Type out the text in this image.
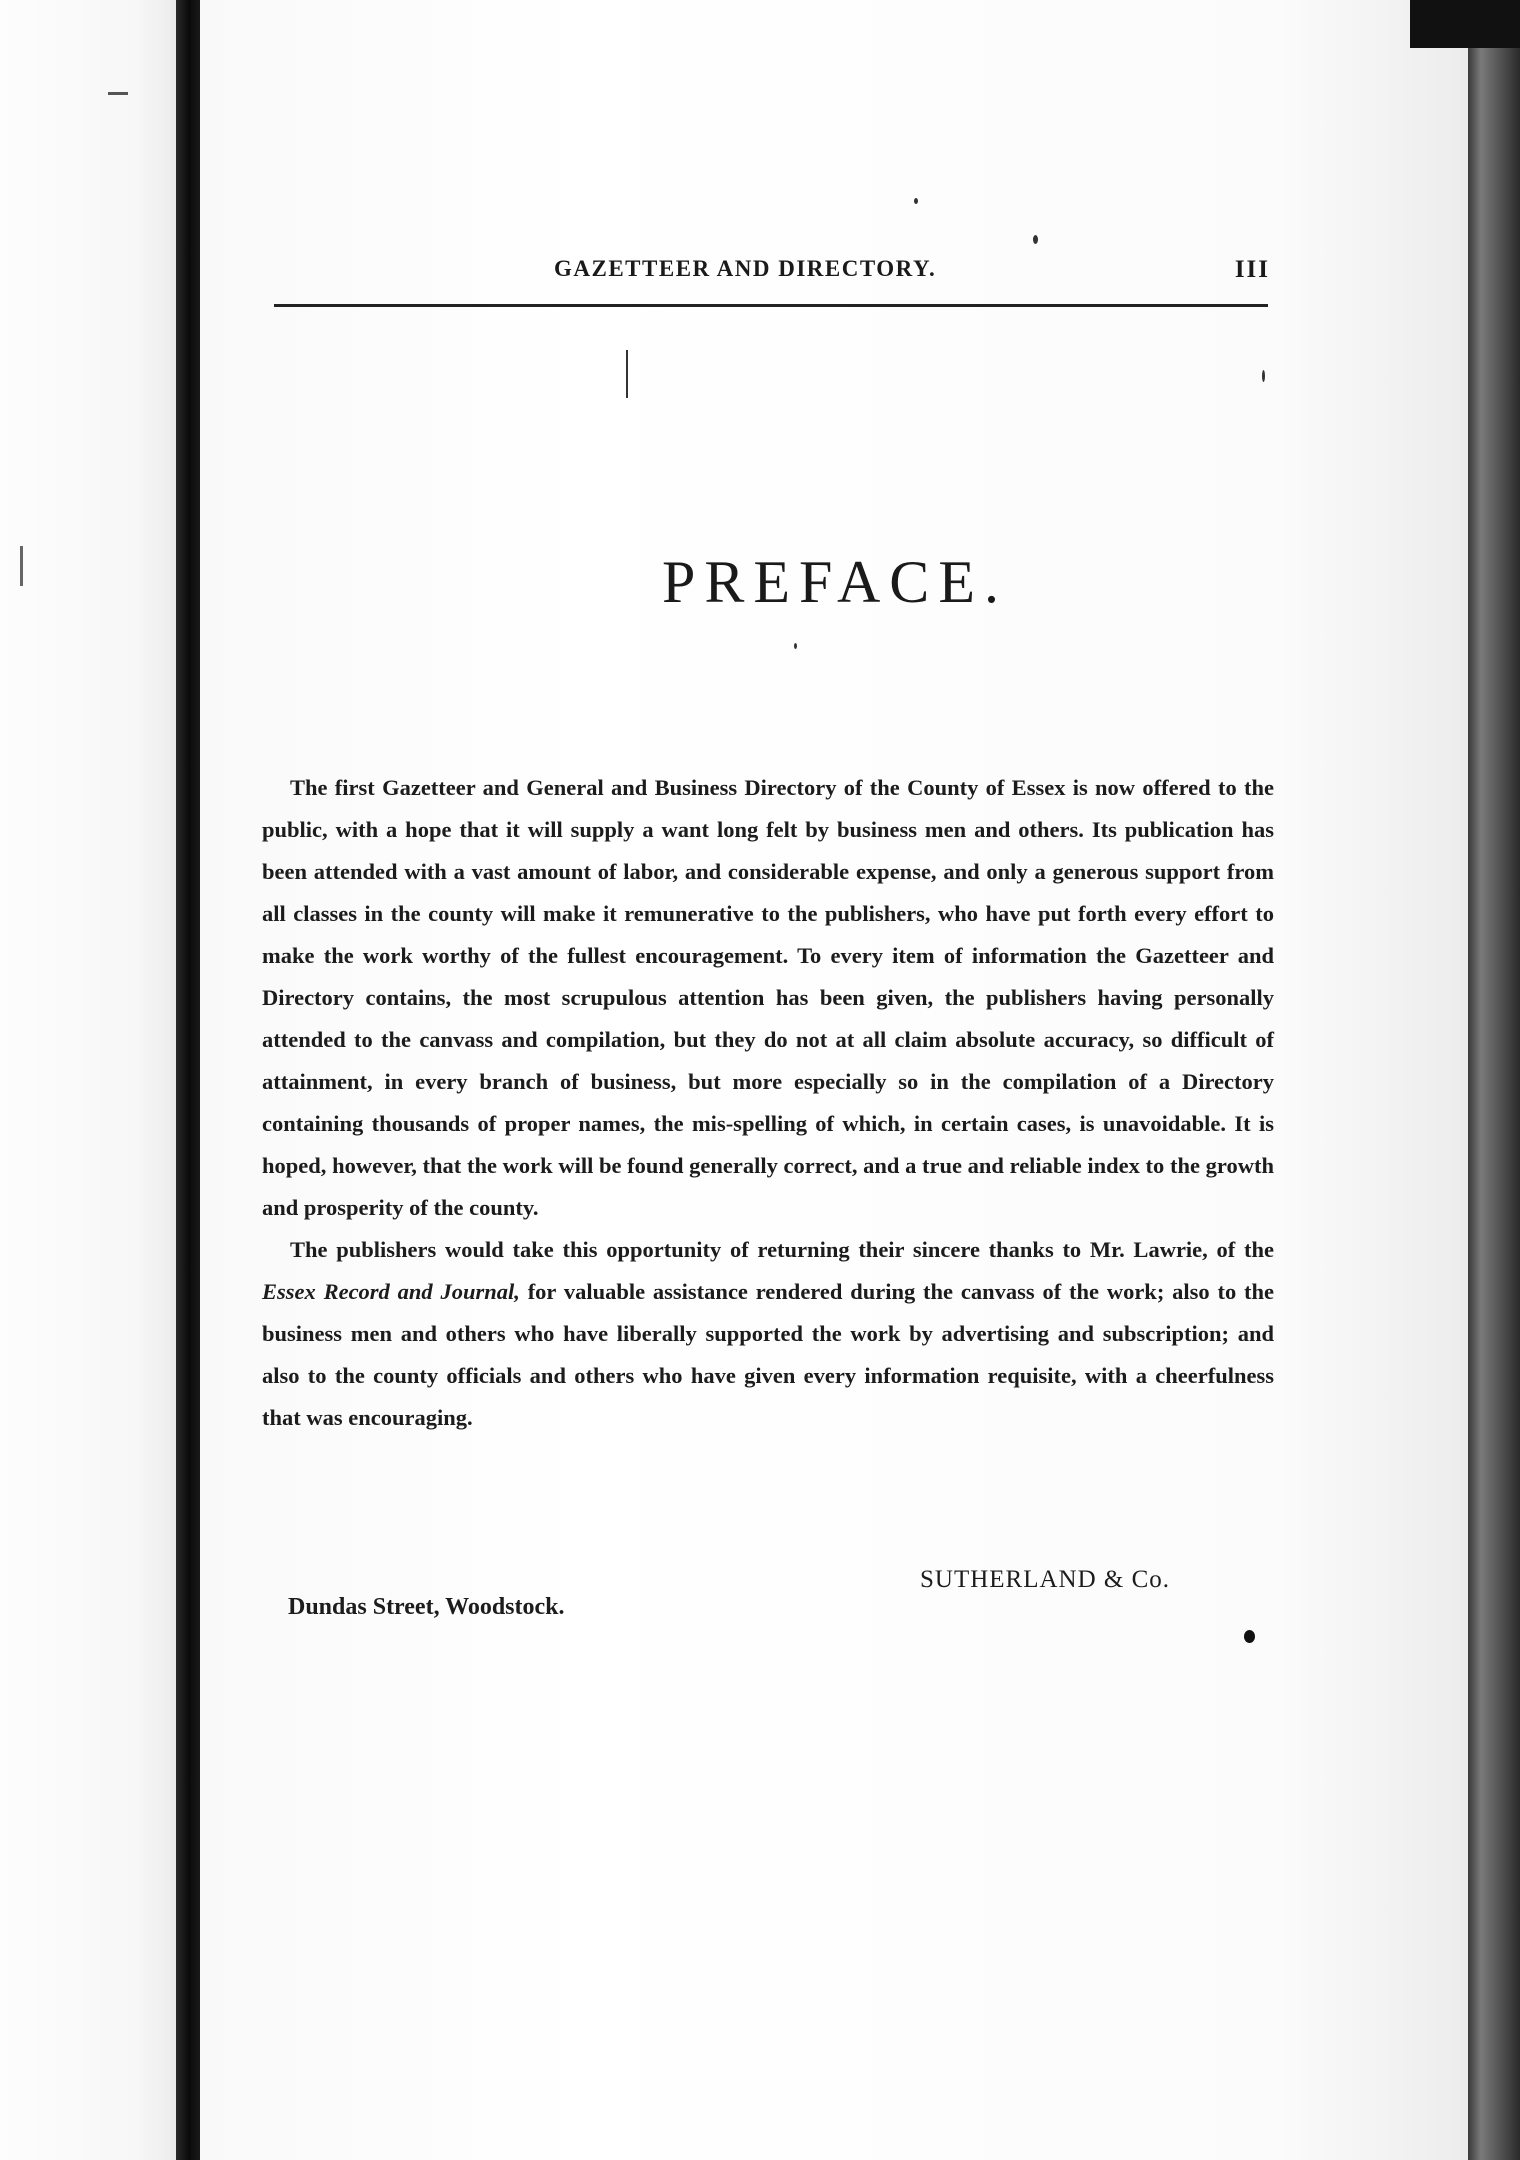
GAZETTEER AND DIRECTORY.	III
PREFACE.

The first Gazetteer and General and Business Directory of the County of Essex is now offered to the public, with a hope that it will supply a want long felt by business men and others. Its publication has been attended with a vast amount of labor, and considerable expense, and only a generous support from all classes in the county will make it remunerative to the publishers, who have put forth every effort to make the work worthy of the fullest encouragement. To every item of information the Gazetteer and Directory contains, the most scrupulous attention has been given, the publishers having personally attended to the canvass and compilation, but they do not at all claim absolute accuracy, so difficult of attainment, in every branch of business, but more especially so in the compilation of a Directory containing thousands of proper names, the mis-spelling of which, in certain cases, is unavoidable. It is hoped, however, that the work will be found generally correct, and a true and reliable index to the growth and prosperity of the county.

The publishers would take this opportunity of returning their sincere thanks to Mr. Lawrie, of the Essex Record and Journal, for valuable assistance rendered during the canvass of the work; also to the business men and others who have liberally supported the work by advertising and subscription; and also to the county officials and others who have given every information requisite, with a cheerfulness that was encouraging.

SUTHERLAND & Co.
Dundas Street, Woodstock.
